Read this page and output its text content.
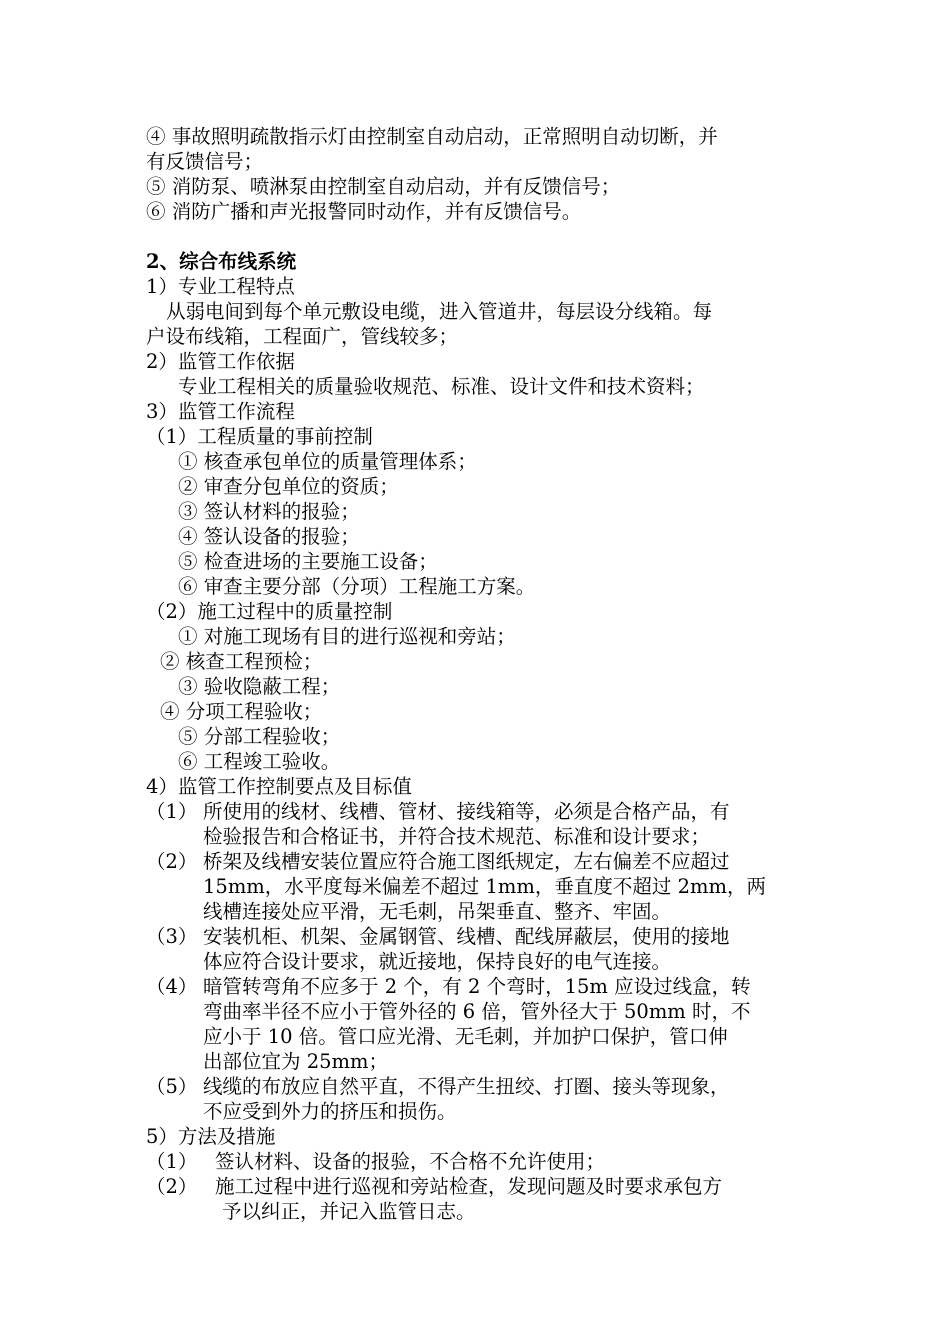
④ 事故照明疏散指示灯由控制室自动启动，正常照明自动切断，并
有反馈信号；
⑤ 消防泵、喷淋泵由控制室自动启动，并有反馈信号；
⑥ 消防广播和声光报警同时动作，并有反馈信号。
2、综合布线系统
1）专业工程特点
从弱电间到每个单元敷设电缆，进入管道井，每层设分线箱。每
户设布线箱，工程面广，管线较多；
2）监管工作依据
专业工程相关的质量验收规范、标准、设计文件和技术资料；
3）监管工作流程
（1）工程质量的事前控制
① 核查承包单位的质量管理体系；
② 审查分包单位的资质；
③ 签认材料的报验；
④ 签认设备的报验；
⑤ 检查进场的主要施工设备；
⑥ 审查主要分部（分项）工程施工方案。
（2）施工过程中的质量控制
① 对施工现场有目的进行巡视和旁站；
② 核查工程预检；
③ 验收隐蔽工程；
④ 分项工程验收；
⑤ 分部工程验收；
⑥ 工程竣工验收。
4）监管工作控制要点及目标值
（1） 所使用的线材、线槽、管材、接线箱等，必须是合格产品，有
检验报告和合格证书，并符合技术规范、标准和设计要求；
（2） 桥架及线槽安装位置应符合施工图纸规定，左右偏差不应超过
15mm，水平度每米偏差不超过 1mm，垂直度不超过 2mm，两
线槽连接处应平滑，无毛刺，吊架垂直、整齐、牢固。
（3） 安装机柜、机架、金属钢管、线槽、配线屏蔽层，使用的接地
体应符合设计要求，就近接地，保持良好的电气连接。
（4） 暗管转弯角不应多于 2 个，有 2 个弯时，15m 应设过线盒，转
弯曲率半径不应小于管外径的 6 倍，管外径大于 50mm 时，不
应小于 10 倍。管口应光滑、无毛刺，并加护口保护，管口伸
出部位宜为 25mm；
（5） 线缆的布放应自然平直，不得产生扭绞、打圈、接头等现象，
不应受到外力的挤压和损伤。
5）方法及措施
（1） 签认材料、设备的报验，不合格不允许使用；
（2） 施工过程中进行巡视和旁站检查，发现问题及时要求承包方
予以纠正，并记入监管日志。
